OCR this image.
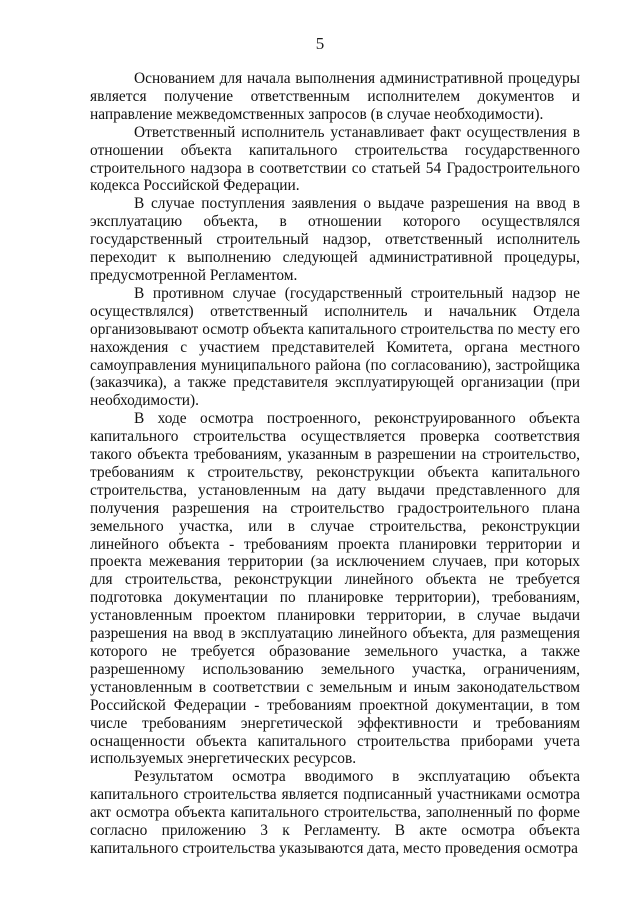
5

Основанием для начала выполнения административной процедуры является получение ответственным исполнителем документов и направление межведомственных запросов (в случае необходимости).

Ответственный исполнитель устанавливает факт осуществления в отношении объекта капитального строительства государственного строительного надзора в соответствии со статьей 54 Градостроительного кодекса Российской Федерации.

В случае поступления заявления о выдаче разрешения на ввод в эксплуатацию объекта, в отношении которого осуществлялся государственный строительный надзор, ответственный исполнитель переходит к выполнению следующей административной процедуры, предусмотренной Регламентом.

В противном случае (государственный строительный надзор не осуществлялся) ответственный исполнитель и начальник Отдела организовывают осмотр объекта капитального строительства по месту его нахождения с участием представителей Комитета, органа местного самоуправления муниципального района (по согласованию), застройщика (заказчика), а также представителя эксплуатирующей организации (при необходимости).

В ходе осмотра построенного, реконструированного объекта капитального строительства осуществляется проверка соответствия такого объекта требованиям, указанным в разрешении на строительство, требованиям к строительству, реконструкции объекта капитального строительства, установленным на дату выдачи представленного для получения разрешения на строительство градостроительного плана земельного участка, или в случае строительства, реконструкции линейного объекта - требованиям проекта планировки территории и проекта межевания территории (за исключением случаев, при которых для строительства, реконструкции линейного объекта не требуется подготовка документации по планировке территории), требованиям, установленным проектом планировки территории, в случае выдачи разрешения на ввод в эксплуатацию линейного объекта, для размещения которого не требуется образование земельного участка, а также разрешенному использованию земельного участка, ограничениям, установленным в соответствии с земельным и иным законодательством Российской Федерации - требованиям проектной документации, в том числе требованиям энергетической эффективности и требованиям оснащенности объекта капитального строительства приборами учета используемых энергетических ресурсов.

Результатом осмотра вводимого в эксплуатацию объекта капитального строительства является подписанный участниками осмотра акт осмотра объекта капитального строительства, заполненный по форме согласно приложению 3 к Регламенту. В акте осмотра объекта капитального строительства указываются дата, место проведения осмотра
